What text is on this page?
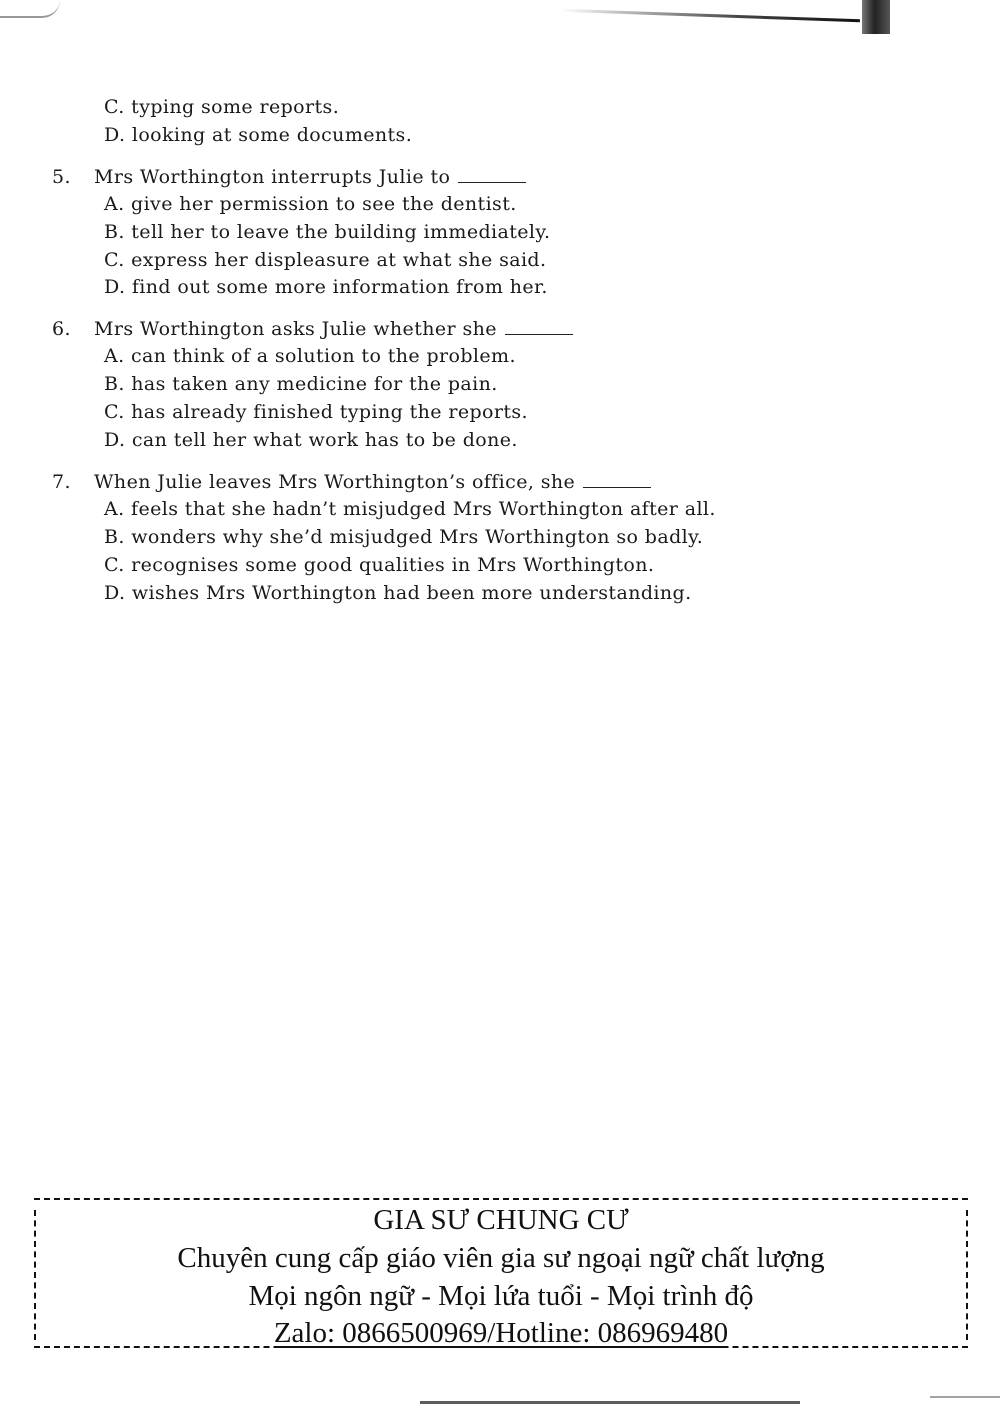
C. typing some reports.
D. looking at some documents.
5. Mrs Worthington interrupts Julie to
A. give her permission to see the dentist.
B. tell her to leave the building immediately.
C. express her displeasure at what she said.
D. find out some more information from her.
6. Mrs Worthington asks Julie whether she
A. can think of a solution to the problem.
B. has taken any medicine for the pain.
C. has already finished typing the reports.
D. can tell her what work has to be done.
7. When Julie leaves Mrs Worthington’s office, she
A. feels that she hadn’t misjudged Mrs Worthington after all.
B. wonders why she’d misjudged Mrs Worthington so badly.
C. recognises some good qualities in Mrs Worthington.
D. wishes Mrs Worthington had been more understanding.
GIA SƯ CHUNG CƯ
Chuyên cung cấp giáo viên gia sư ngoại ngữ chất lượng
Mọi ngôn ngữ - Mọi lứa tuổi - Mọi trình độ
Zalo: 0866500969/Hotline: 086969480
